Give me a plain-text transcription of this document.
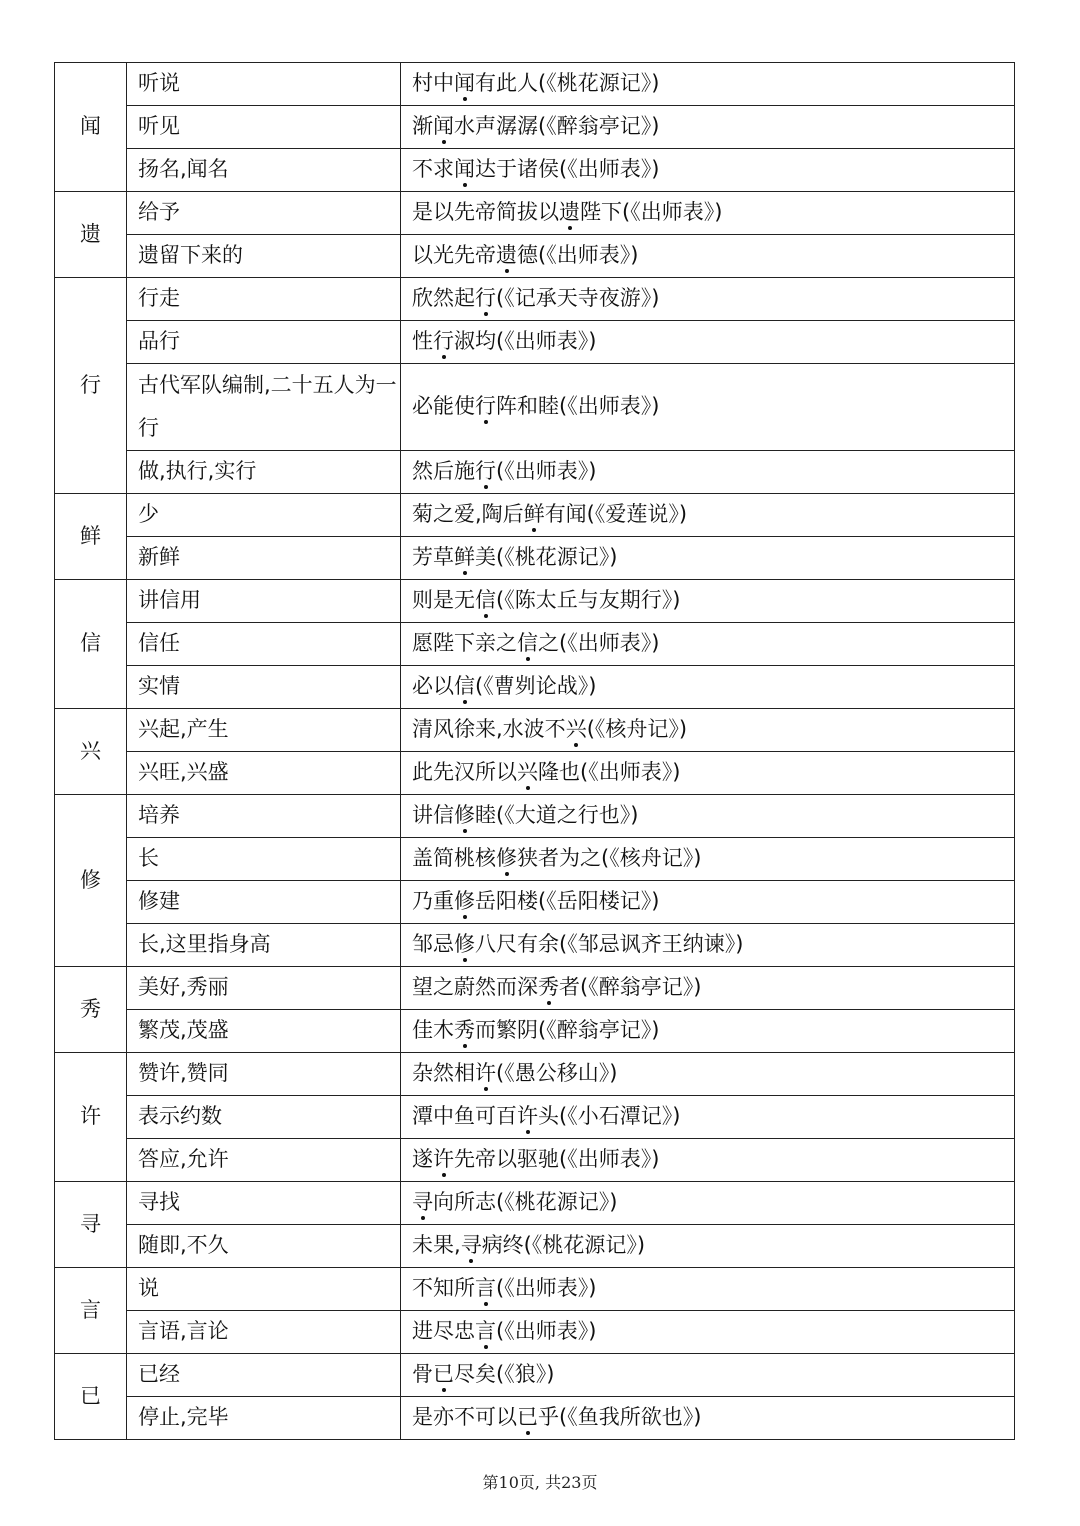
闻	听说	村中闻有此人(《桃花源记》)
	听见	渐闻水声潺潺(《醉翁亭记》)
	扬名,闻名	不求闻达于诸侯(《出师表》)
遗	给予	是以先帝简拔以遗陛下(《出师表》)
	遗留下来的	以光先帝遗德(《出师表》)
行	行走	欣然起行(《记承天寺夜游》)
	品行	性行淑均(《出师表》)

	古代军队编制,二十五人为一行	必能使行阵和睦(《出师表》)
	做,执行,实行	然后施行(《出师表》)
鲜	少	菊之爱,陶后鲜有闻(《爱莲说》)
	新鲜	芳草鲜美(《桃花源记》)
信	讲信用	则是无信(《陈太丘与友期行》)
	信任	愿陛下亲之信之(《出师表》)
	实情	必以信(《曹刿论战》)
兴	兴起,产生	清风徐来,水波不兴(《核舟记》)
	兴旺,兴盛	此先汉所以兴隆也(《出师表》)
修	培养	讲信修睦(《大道之行也》)
	长	盖简桃核修狭者为之(《核舟记》)
	修建	乃重修岳阳楼(《岳阳楼记》)
	长,这里指身高	邹忌修八尺有余(《邹忌讽齐王纳谏》)
秀	美好,秀丽	望之蔚然而深秀者(《醉翁亭记》)
	繁茂,茂盛	佳木秀而繁阴(《醉翁亭记》)
许	赞许,赞同	杂然相许(《愚公移山》)
	表示约数	潭中鱼可百许头(《小石潭记》)
	答应,允许	遂许先帝以驱驰(《出师表》)
寻	寻找	寻向所志(《桃花源记》)
	随即,不久	未果,寻病终(《桃花源记》)
言	说	不知所言(《出师表》)
	言语,言论	进尽忠言(《出师表》)
已	已经	骨已尽矣(《狼》)
	停止,完毕	是亦不可以已乎(《鱼我所欲也》)
第10页, 共23页
